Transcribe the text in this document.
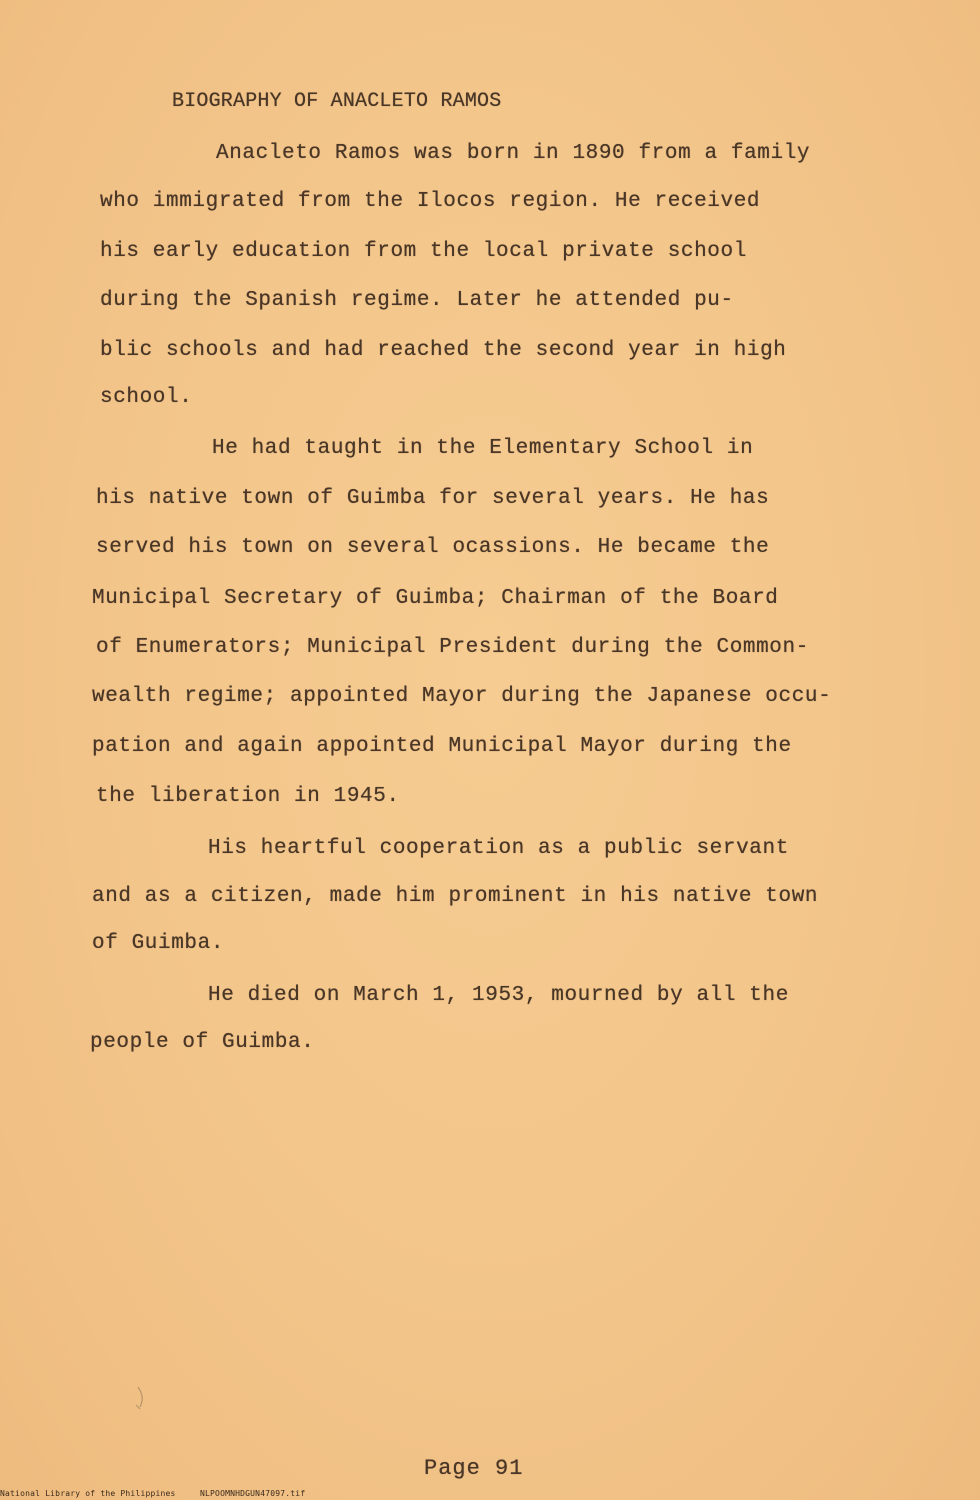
BIOGRAPHY OF ANACLETO RAMOS
Anacleto Ramos was born in 1890 from a family
who immigrated from the Ilocos region. He received
his early education from the local private school
during the Spanish regime. Later he attended pu-
blic schools and had reached the second year in high
school.
He had taught in the Elementary School in
his native town of Guimba for several years. He has
served his town on several ocassions. He became the
Municipal Secretary of Guimba; Chairman of the Board
of Enumerators; Municipal President during the Common-
wealth regime; appointed Mayor during the Japanese occu-
pation and again appointed Municipal Mayor during the
the liberation in 1945.
His heartful cooperation as a public servant
and as a citizen, made him prominent in his native town
of Guimba.
He died on March 1, 1953, mourned by all the
people of Guimba.
Page 91
National Library of the Philippines	NLPOOMNHDGUN47097.tif
